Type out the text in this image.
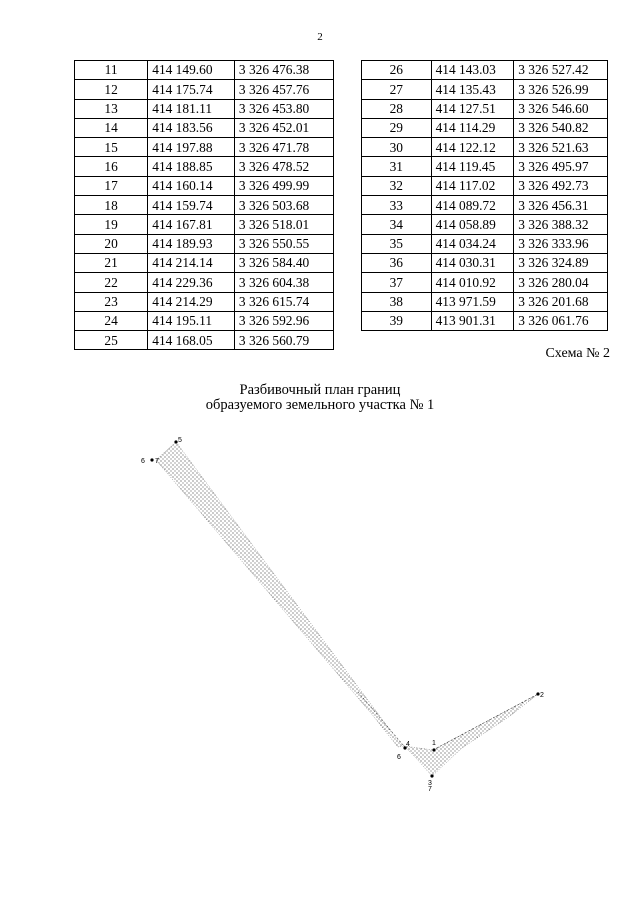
2
11	414 149.60	3 326 476.38
12	414 175.74	3 326 457.76
13	414 181.11	3 326 453.80
14	414 183.56	3 326 452.01
15	414 197.88	3 326 471.78
16	414 188.85	3 326 478.52
17	414 160.14	3 326 499.99
18	414 159.74	3 326 503.68
19	414 167.81	3 326 518.01
20	414 189.93	3 326 550.55
21	414 214.14	3 326 584.40
22	414 229.36	3 326 604.38
23	414 214.29	3 326 615.74
24	414 195.11	3 326 592.96
25	414 168.05	3 326 560.79
26	414 143.03	3 326 527.42
27	414 135.43	3 326 526.99
28	414 127.51	3 326 546.60
29	414 114.29	3 326 540.82
30	414 122.12	3 326 521.63
31	414 119.45	3 326 495.97
32	414 117.02	3 326 492.73
33	414 089.72	3 326 456.31
34	414 058.89	3 326 388.32
35	414 034.24	3 326 333.96
36	414 030.31	3 326 324.89
37	414 010.92	3 326 280.04
38	413 971.59	3 326 201.68
39	413 901.31	3 326 061.76
Схема № 2
Разбивочный план границ
образуемого земельного участка № 1
5
6 7
2
1
4
6
3
7
